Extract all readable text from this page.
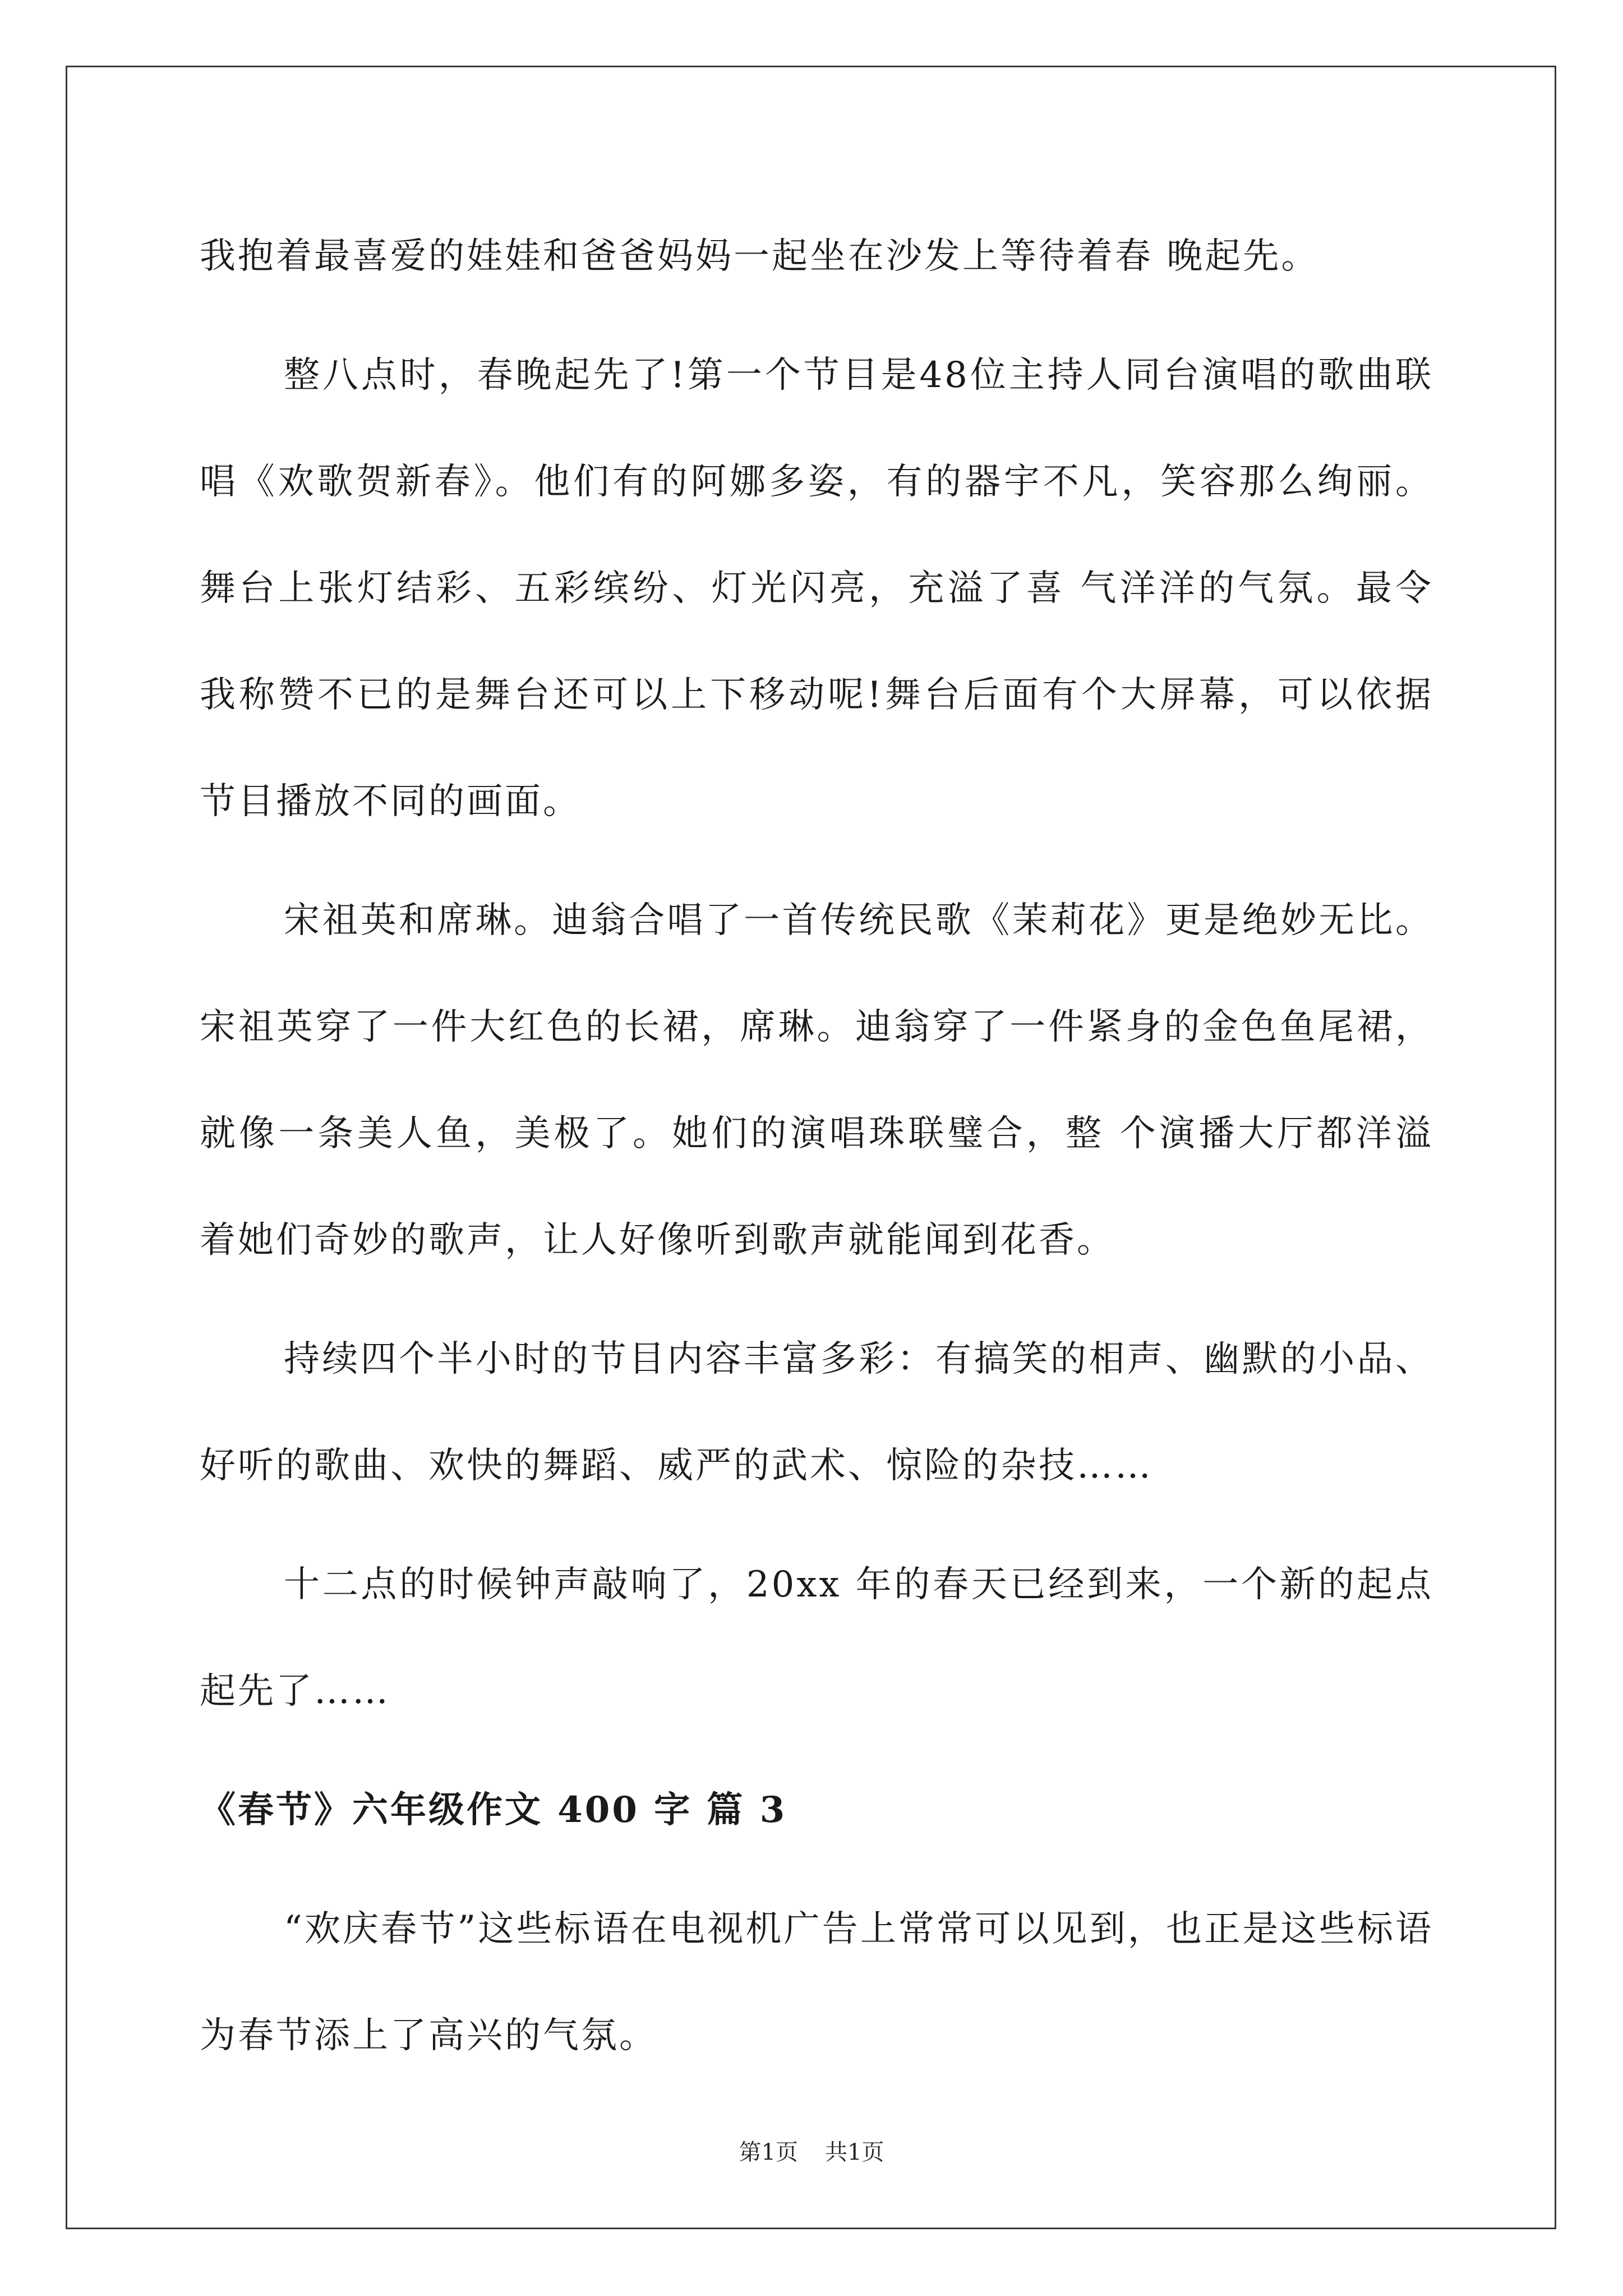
我抱着最喜爱的娃娃和爸爸妈妈一起坐在沙发上等待着春 晚起先。

整八点时，春晚起先了!第一个节目是48位主持人同台演唱的歌曲联唱《欢歌贺新春》。他们有的阿娜多姿，有的器宇不凡，笑容那么绚丽。舞台上张灯结彩、五彩缤纷、灯光闪亮，充溢了喜 气洋洋的气氛。最令我称赞不已的是舞台还可以上下移动呢!舞台后面有个大屏幕，可以依据节目播放不同的画面。

宋祖英和席琳。迪翁合唱了一首传统民歌《茉莉花》更是绝妙无比。宋祖英穿了一件大红色的长裙，席琳。迪翁穿了一件紧身的金色鱼尾裙，就像一条美人鱼，美极了。她们的演唱珠联璧合，整 个演播大厅都洋溢着她们奇妙的歌声，让人好像听到歌声就能闻到花香。

持续四个半小时的节目内容丰富多彩：有搞笑的相声、幽默的小品、好听的歌曲、欢快的舞蹈、威严的武术、惊险的杂技……

十二点的时候钟声敲响了，20xx 年的春天已经到来，一个新的起点起先了……

《春节》六年级作文 400 字 篇 3

“欢庆春节”这些标语在电视机广告上常常可以见到，也正是这些标语为春节添上了高兴的气氛。

第1页 共1页
